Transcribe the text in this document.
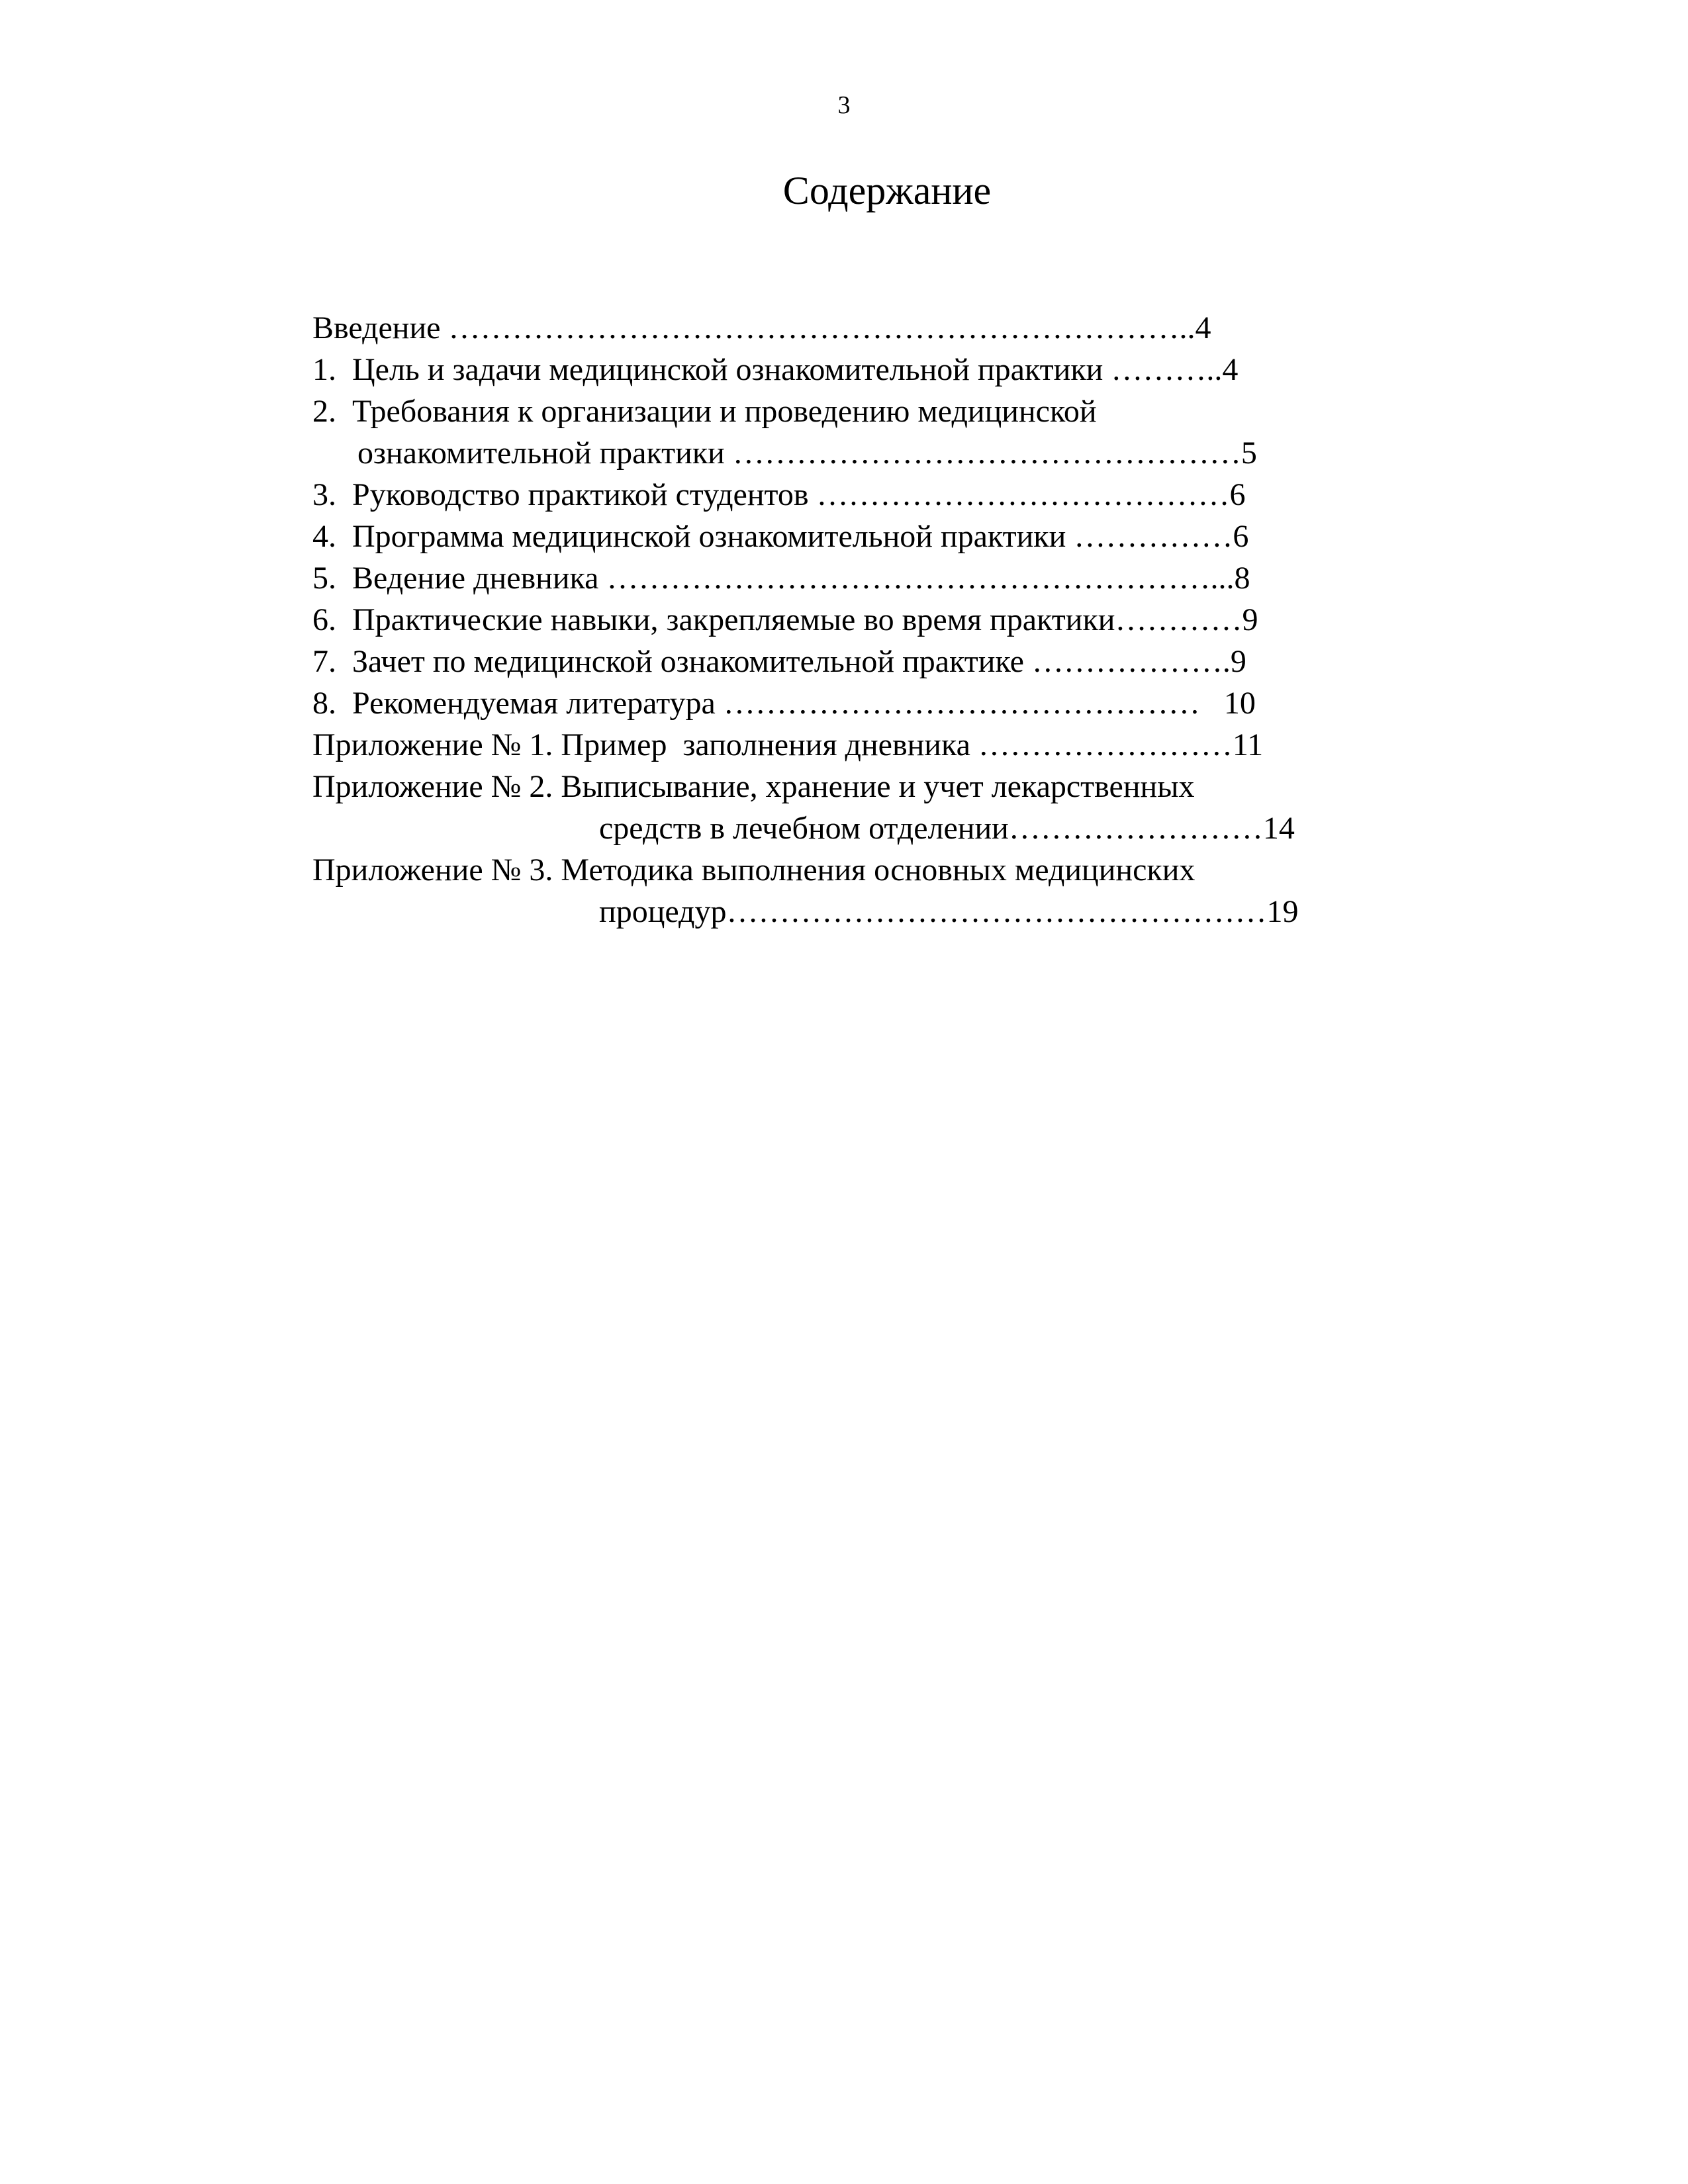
3
Содержание
Введение ……………………………………………………………..4
1. Цель и задачи медицинской ознакомительной практики ………..4
2. Требования к организации и проведению медицинской
ознакомительной практики …………………………………………5
3. Руководство практикой студентов …………………………………6
4. Программа медицинской ознакомительной практики ……………6
5. Ведение дневника …………………………………………………...8
6. Практические навыки, закрепляемые во время практики…………9
7. Зачет по медицинской ознакомительной практике ……………….9
8. Рекомендуемая литература ……………………………………… 10
Приложение № 1. Пример  заполнения дневника ……………………11
Приложение № 2. Выписывание, хранение и учет лекарственных
средств в лечебном отделении……………………14
Приложение № 3. Методика выполнения основных медицинских
процедур……………………………………………19
